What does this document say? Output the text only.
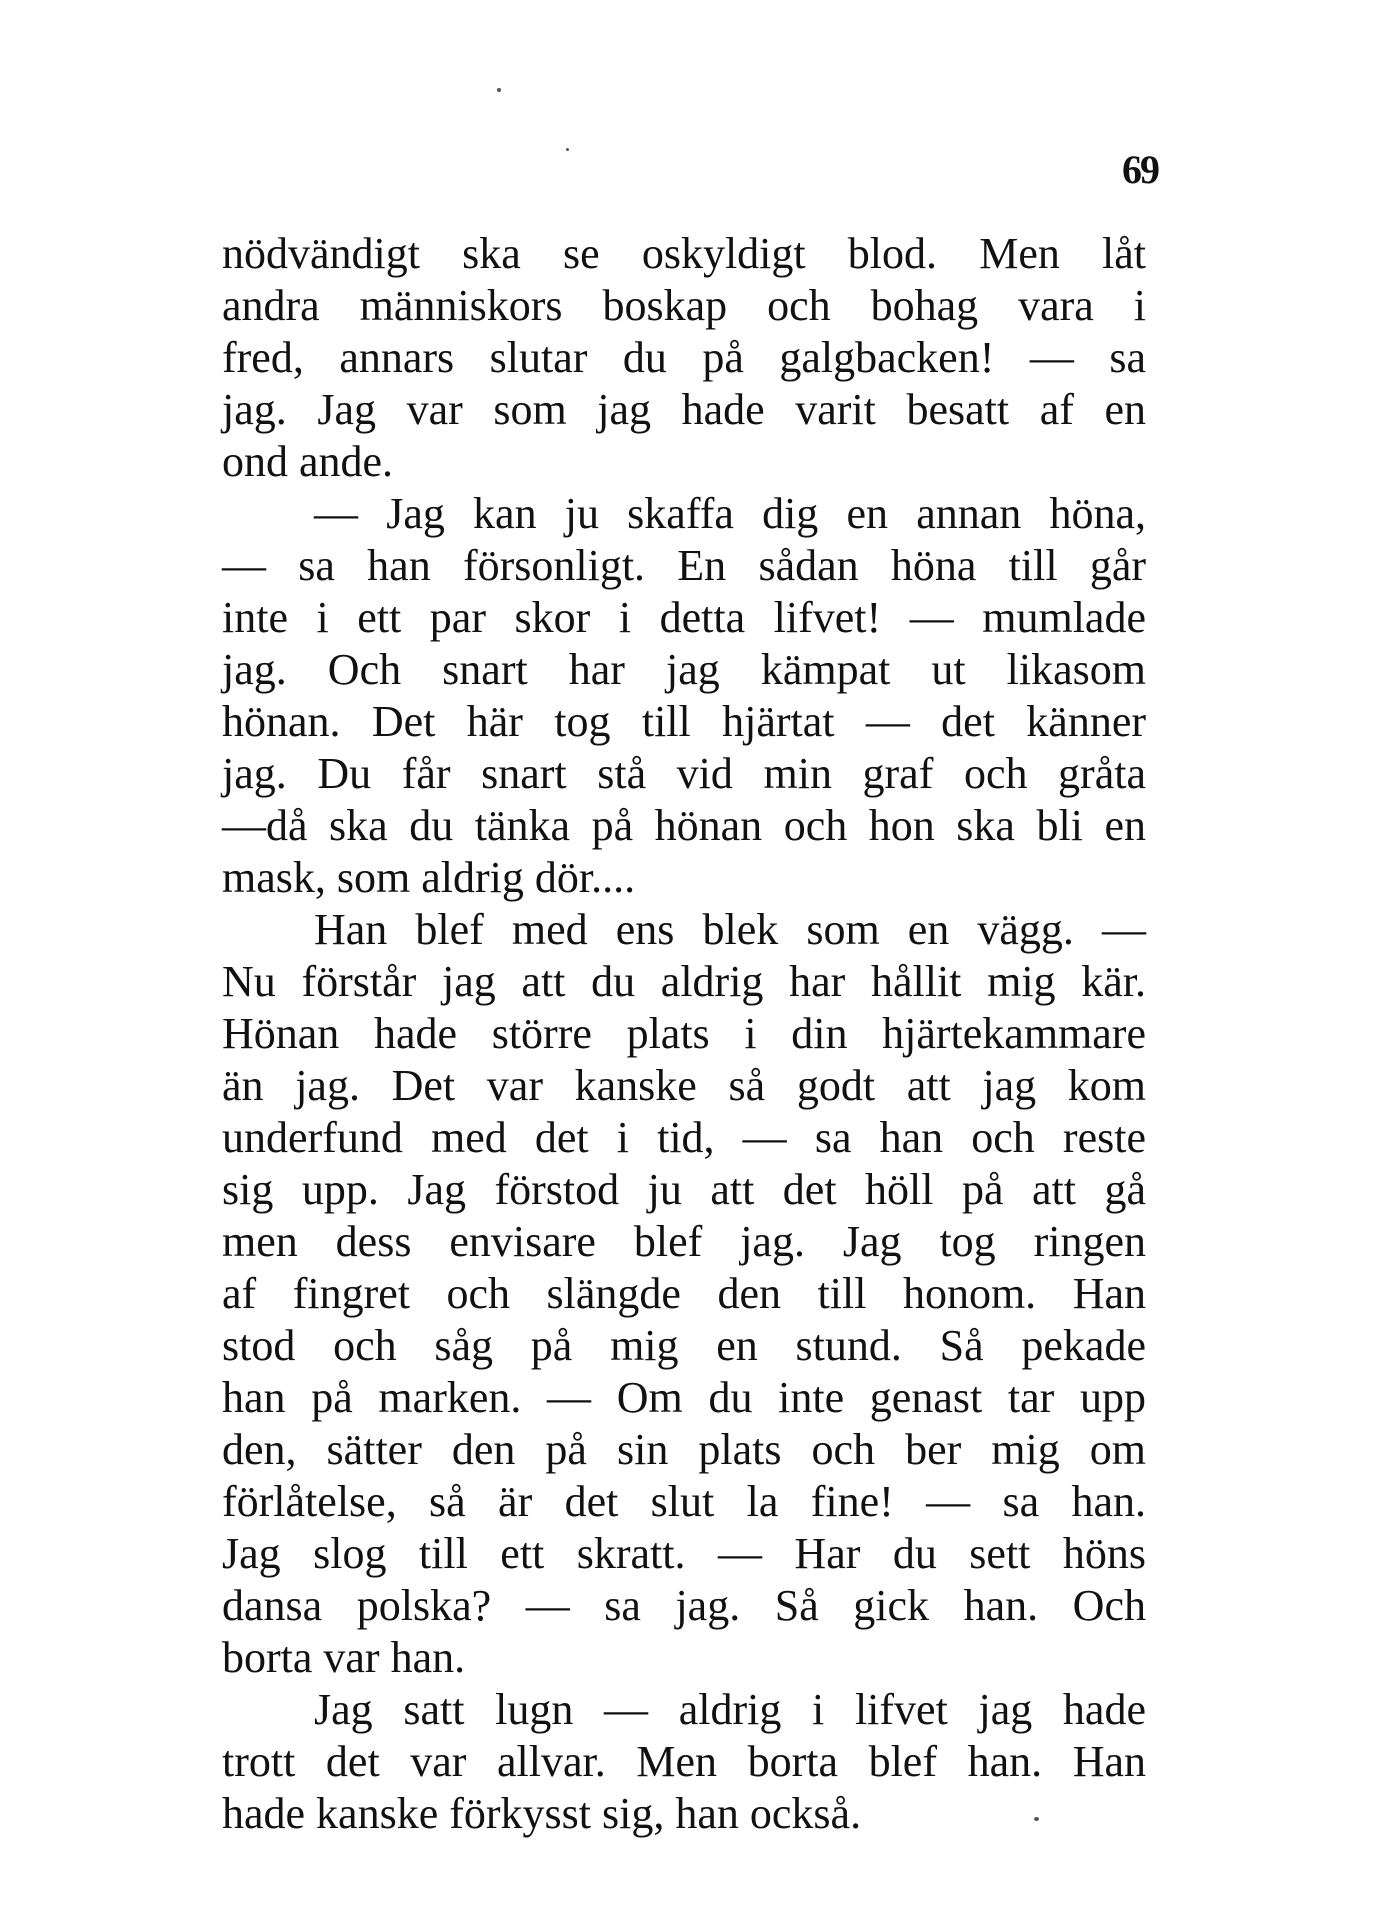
69
nödvändigt ska se oskyldigt blod. Men låt
andra människors boskap och bohag vara i
fred, annars slutar du på galgbacken! — sa
jag. Jag var som jag hade varit besatt af en
ond ande.
— Jag kan ju skaffa dig en annan höna,
— sa han försonligt. En sådan höna till går
inte i ett par skor i detta lifvet! — mumlade
jag. Och snart har jag kämpat ut likasom
hönan. Det här tog till hjärtat — det känner
jag. Du får snart stå vid min graf och gråta
—då ska du tänka på hönan och hon ska bli en
mask, som aldrig dör....
Han blef med ens blek som en vägg. —
Nu förstår jag att du aldrig har hållit mig kär.
Hönan hade större plats i din hjärtekammare
än jag. Det var kanske så godt att jag kom
underfund med det i tid, — sa han och reste
sig upp. Jag förstod ju att det höll på att gå
men dess envisare blef jag. Jag tog ringen
af fingret och slängde den till honom. Han
stod och såg på mig en stund. Så pekade
han på marken. — Om du inte genast tar upp
den, sätter den på sin plats och ber mig om
förlåtelse, så är det slut la fine! — sa han.
Jag slog till ett skratt. — Har du sett höns
dansa polska? — sa jag. Så gick han. Och
borta var han.
Jag satt lugn — aldrig i lifvet jag hade
trott det var allvar. Men borta blef han. Han
hade kanske förkysst sig, han också.
